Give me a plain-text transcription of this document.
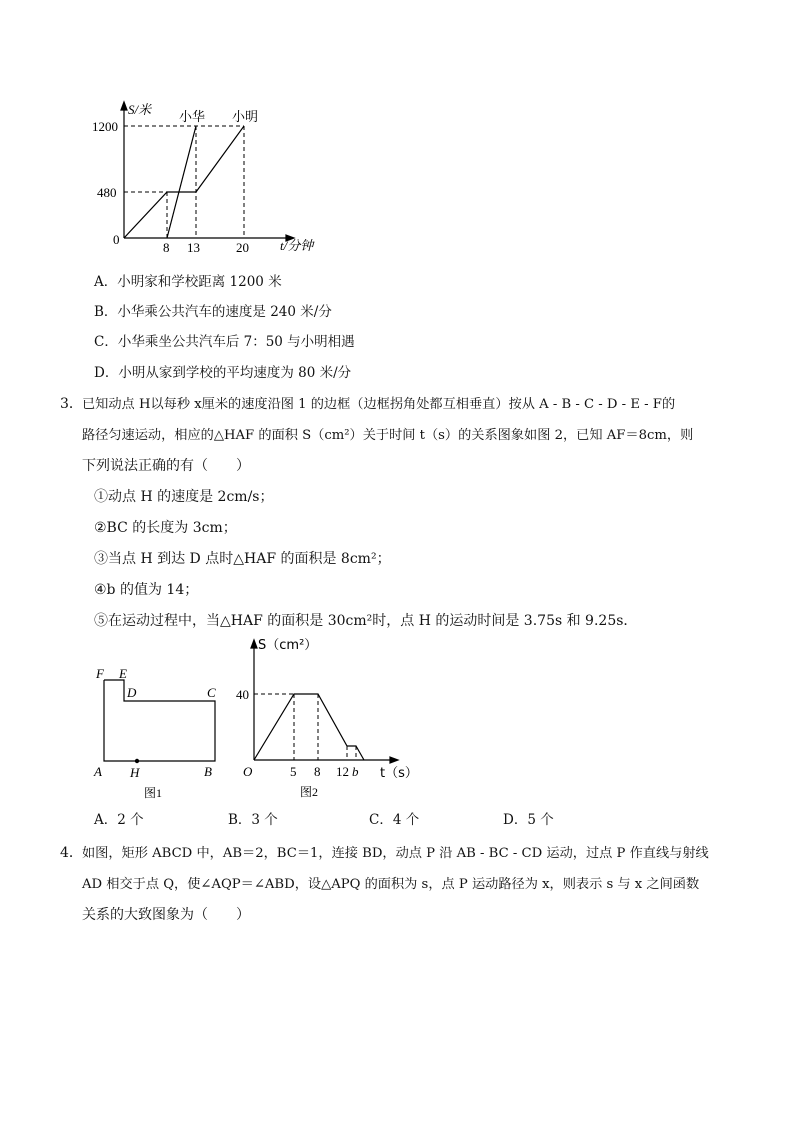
S/米
t/分钟
1200
480
0
8 13	20
小华 小明
A．小明家和学校距离 1200 米
B．小华乘公共汽车的速度是 240 米/分
C．小华乘坐公共汽车后 7：50 与小明相遇
D．小明从家到学校的平均速度为 80 米/分
3． 已知动点 H以每秒 x厘米的速度沿图 1 的边框（边框拐角处都互相垂直）按从 A - B - C - D - E - F的
路径匀速运动，相应的△HAF 的面积 S（cm²）关于时间 t（s）的关系图象如图 2，已知 AF＝8cm，则
下列说法正确的有（　　）
①动点 H 的速度是 2cm/s；
②BC 的长度为 3cm；
③当点 H 到达 D 点时△HAF 的面积是 8cm²；
④b 的值为 14；
⑤在运动过程中，当△HAF 的面积是 30cm²时，点 H 的运动时间是 3.75s 和 9.25s．
F E
D	C
A H	B
图1
S（cm²）
t（s）
40
O	5 8 12 b
图2
A．2 个	B．3 个	C．4 个	D．5 个
4． 如图，矩形 ABCD 中，AB＝2，BC＝1，连接 BD，动点 P 沿 AB - BC - CD 运动，过点 P 作直线与射线
AD 相交于点 Q，使∠AQP＝∠ABD，设△APQ 的面积为 s，点 P 运动路径为 x，则表示 s 与 x 之间函数
关系的大致图象为（　　）
